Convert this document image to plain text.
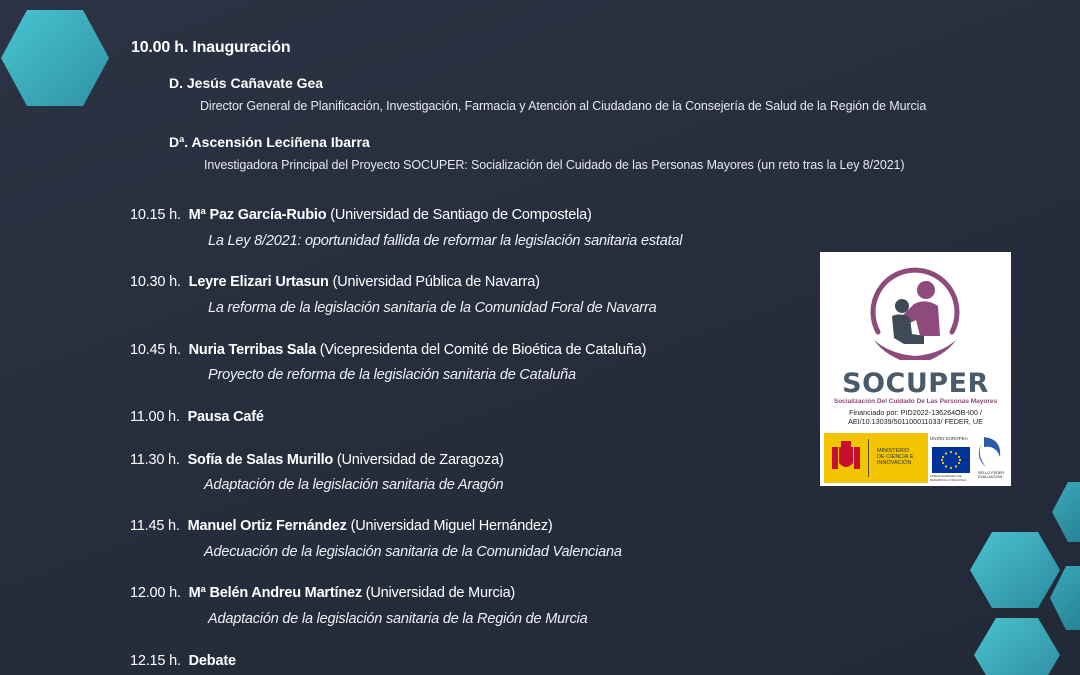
10.00 h. Inauguración
D. Jesús Cañavate Gea
Director General de Planificación, Investigación, Farmacia y Atención al Ciudadano de la Consejería de Salud de la Región de Murcia
Dª. Ascensión Leciñena Ibarra
Investigadora Principal del Proyecto SOCUPER: Socialización del Cuidado de las Personas Mayores (un reto tras la Ley 8/2021)
10.15 h. Mª Paz García-Rubio (Universidad de Santiago de Compostela)
La Ley 8/2021: oportunidad fallida de reformar la legislación sanitaria estatal
10.30 h. Leyre Elizari Urtasun (Universidad Pública de Navarra)
La reforma de la legislación sanitaria de la Comunidad Foral de Navarra
10.45 h. Nuria Terribas Sala (Vicepresidenta del Comité de Bioética de Cataluña)
Proyecto de reforma de la legislación sanitaria de Cataluña
11.00 h. Pausa Café
11.30 h. Sofía de Salas Murillo (Universidad de Zaragoza)
Adaptación de la legislación sanitaria de Aragón
11.45 h. Manuel Ortiz Fernández (Universidad Miguel Hernández)
Adecuación de la legislación sanitaria de la Comunidad Valenciana
12.00 h. Mª Belén Andreu Martínez (Universidad de Murcia)
Adaptación de la legislación sanitaria de la Región de Murcia
12.15 h. Debate
SOCUPER
Socialización Del Cuidado De Las Personas Mayores
Financiado por: PID2022-136264OB-I00 /
AEI/10.13039/501100011033/ FEDER, UE
MINISTERIO DE CIENCIA E INNOVACIÓN
UNIÓN EUROPEA
FONDO EUROPEO DE DESARROLLO REGIONAL
SELLO FEDER EVALUACIÓN
